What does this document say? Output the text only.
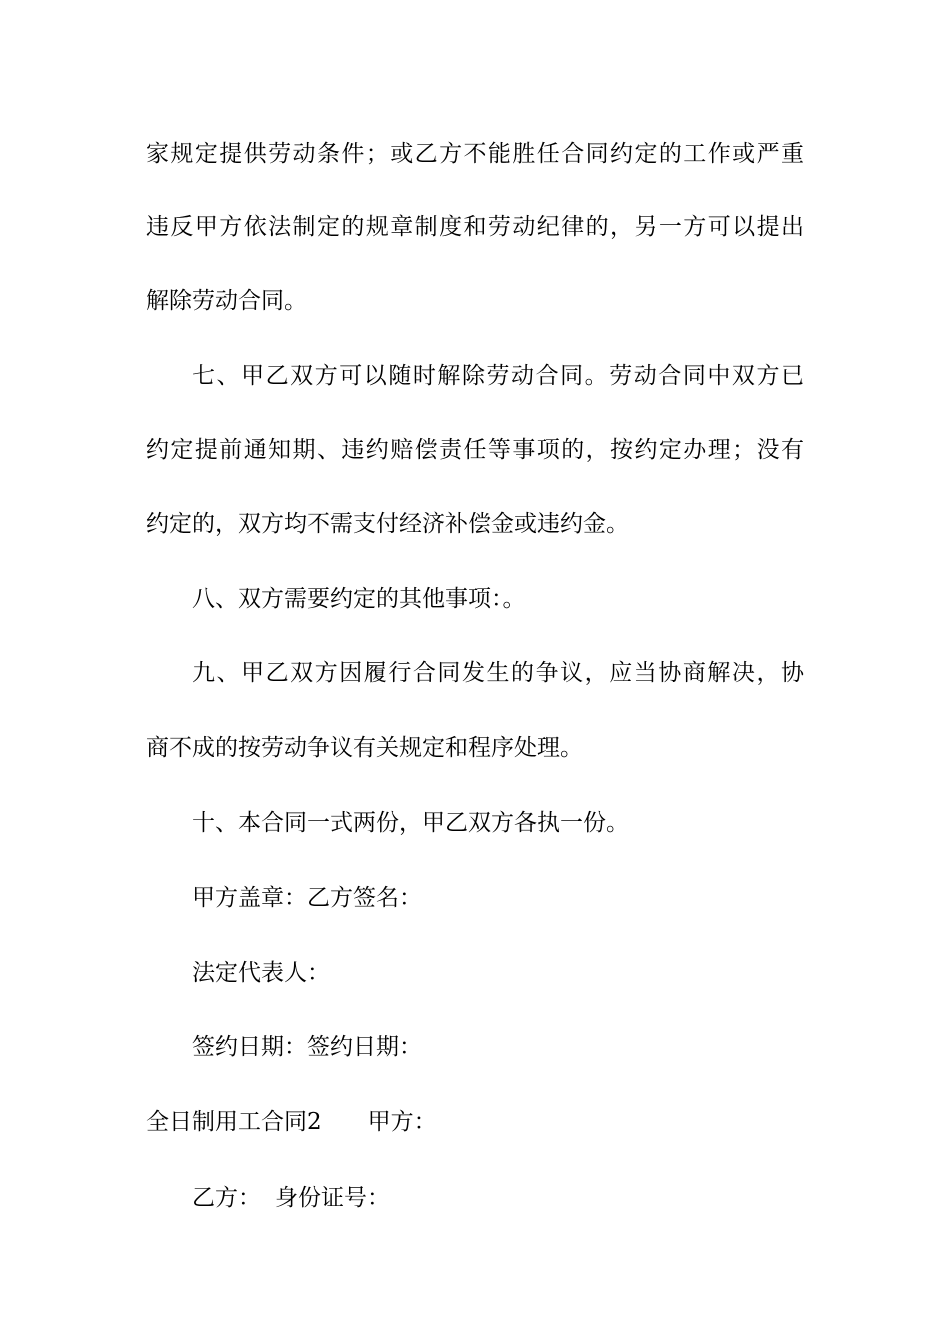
家规定提供劳动条件；或乙方不能胜任合同约定的工作或严重
违反甲方依法制定的规章制度和劳动纪律的，另一方可以提出
解除劳动合同。
七、甲乙双方可以随时解除劳动合同。劳动合同中双方已
约定提前通知期、违约赔偿责任等事项的，按约定办理；没有
约定的，双方均不需支付经济补偿金或违约金。
八、双方需要约定的其他事项：。
九、甲乙双方因履行合同发生的争议，应当协商解决，协
商不成的按劳动争议有关规定和程序处理。
十、本合同一式两份，甲乙双方各执一份。
甲方盖章：乙方签名：
法定代表人：
签约日期：签约日期：
全日制用工合同2 甲方：
乙方： 身份证号：
